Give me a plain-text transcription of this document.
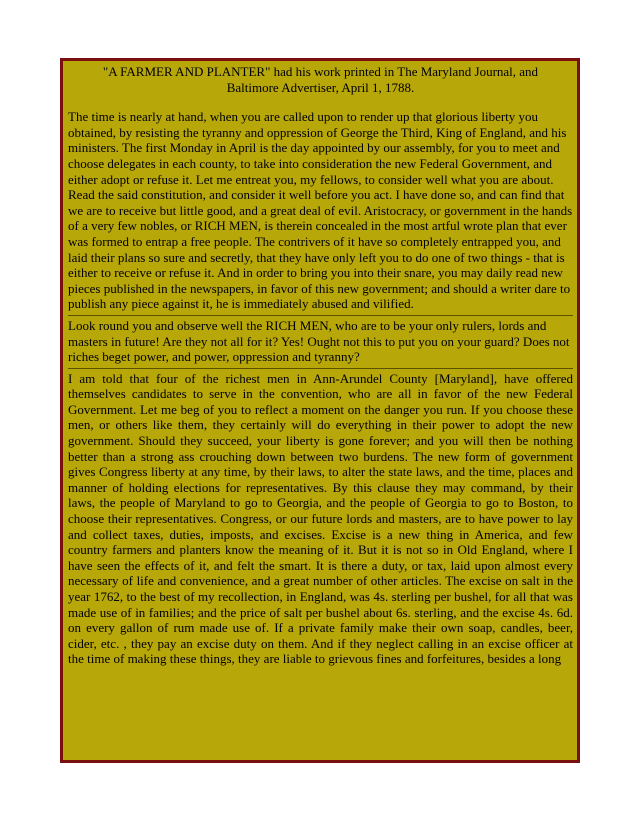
"A FARMER AND PLANTER" had his work printed in The Maryland Journal, and
Baltimore Advertiser, April 1, 1788.

The time is nearly at hand, when you are called upon to render up that glorious liberty you obtained, by resisting the tyranny and oppression of George the Third, King of England, and his ministers. The first Monday in April is the day appointed by our assembly, for you to meet and choose delegates in each county, to take into consideration the new Federal Government, and either adopt or refuse it. Let me entreat you, my fellows, to consider well what you are about. Read the said constitution, and consider it well before you act. I have done so, and can find that we are to receive but little good, and a great deal of evil. Aristocracy, or government in the hands of a very few nobles, or RICH MEN, is therein concealed in the most artful wrote plan that ever was formed to entrap a free people. The contrivers of it have so completely entrapped you, and laid their plans so sure and secretly, that they have only left you to do one of two things - that is either to receive or refuse it. And in order to bring you into their snare, you may daily read new pieces published in the newspapers, in favor of this new government; and should a writer dare to publish any piece against it, he is immediately abused and vilified.

Look round you and observe well the RICH MEN, who are to be your only rulers, lords and masters in future! Are they not all for it? Yes! Ought not this to put you on your guard? Does not riches beget power, and power, oppression and tyranny?

I am told that four of the richest men in Ann-Arundel County [Maryland], have offered themselves candidates to serve in the convention, who are all in favor of the new Federal Government. Let me beg of you to reflect a moment on the danger you run. If you choose these men, or others like them, they certainly will do everything in their power to adopt the new government. Should they succeed, your liberty is gone forever; and you will then be nothing better than a strong ass crouching down between two burdens. The new form of government gives Congress liberty at any time, by their laws, to alter the state laws, and the time, places and manner of holding elections for representatives. By this clause they may command, by their laws, the people of Maryland to go to Georgia, and the people of Georgia to go to Boston, to choose their representatives. Congress, or our future lords and masters, are to have power to lay and collect taxes, duties, imposts, and excises. Excise is a new thing in America, and few country farmers and planters know the meaning of it. But it is not so in Old England, where I have seen the effects of it, and felt the smart. It is there a duty, or tax, laid upon almost every necessary of life and convenience, and a great number of other articles. The excise on salt in the year 1762, to the best of my recollection, in England, was 4s. sterling per bushel, for all that was made use of in families; and the price of salt per bushel about 6s. sterling, and the excise 4s. 6d. on every gallon of rum made use of. If a private family make their own soap, candles, beer, cider, etc. , they pay an excise duty on them. And if they neglect calling in an excise officer at the time of making these things, they are liable to grievous fines and forfeitures, besides a long
